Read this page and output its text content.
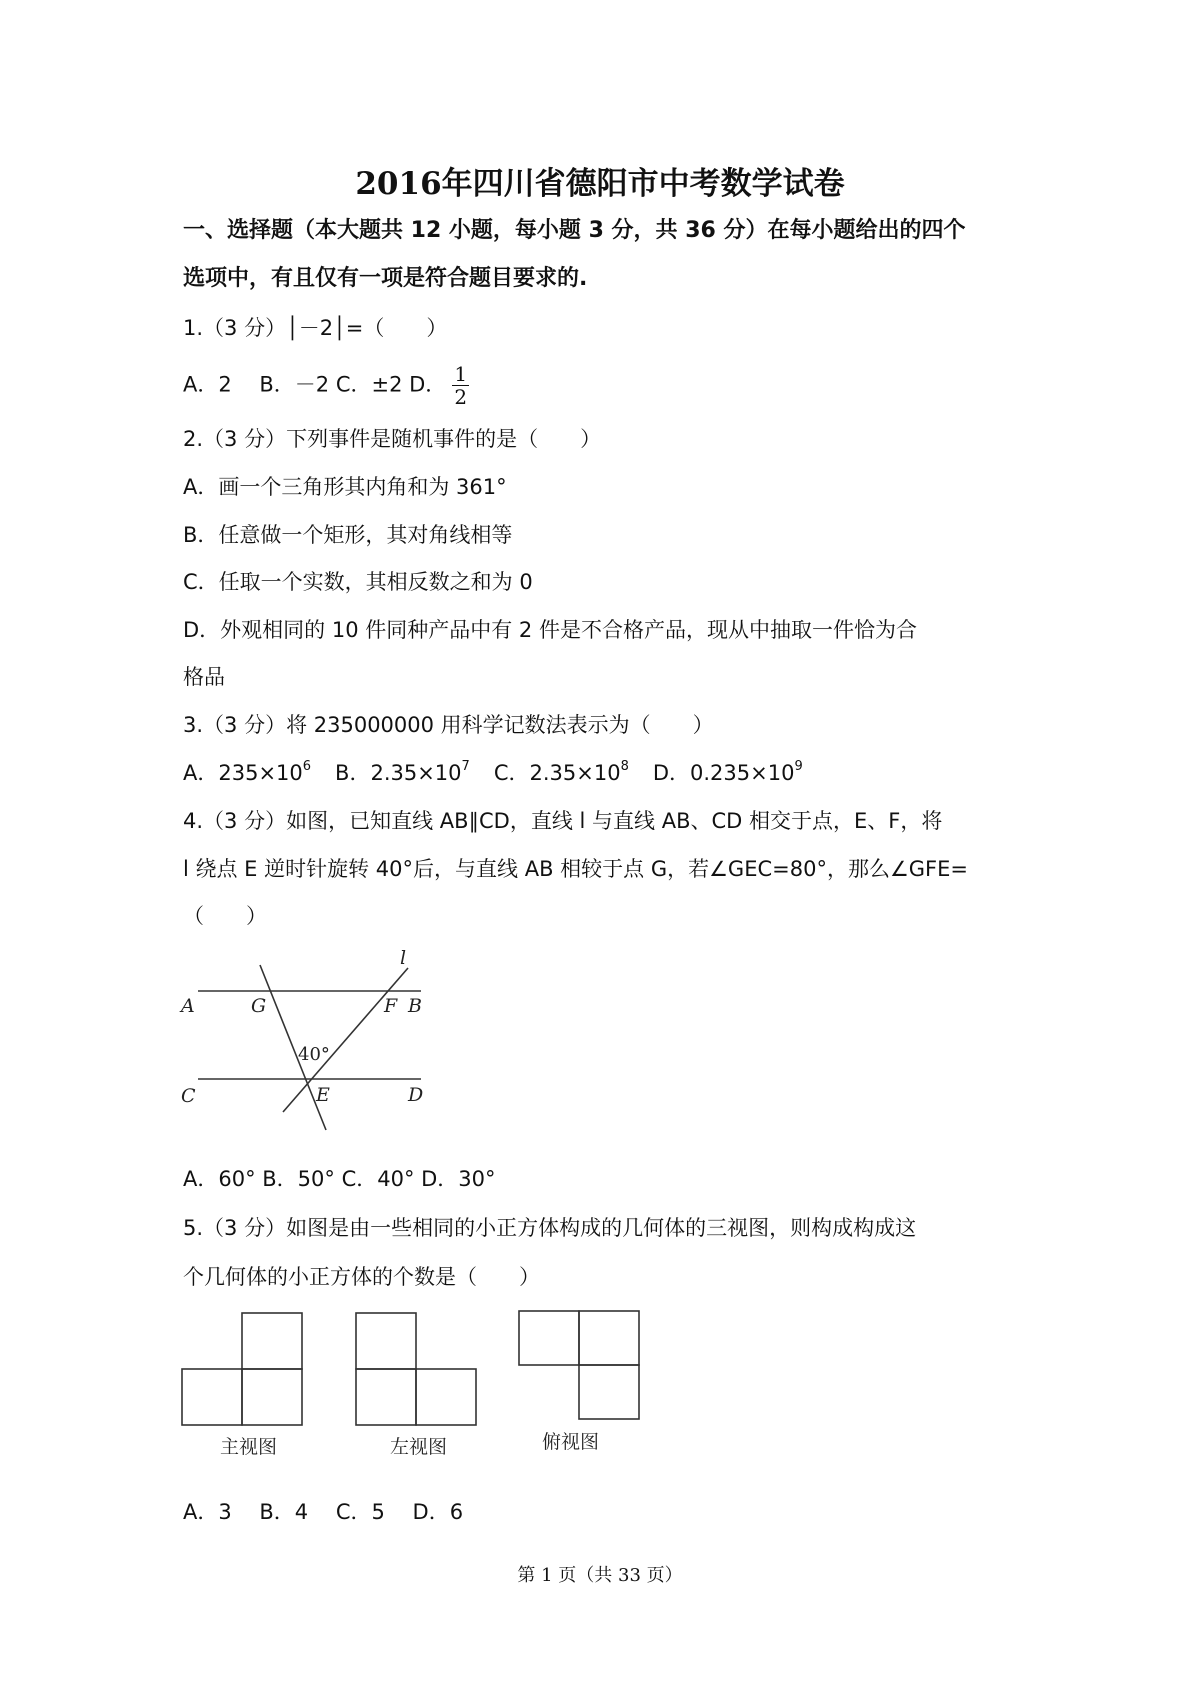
2016年四川省德阳市中考数学试卷
一、选择题（本大题共 12 小题，每小题 3 分，共 36 分）在每小题给出的四个
选项中，有且仅有一项是符合题目要求的.
1.（3 分）│－2│=（　　）
A．2　 B．－2 C．±2 D． $\frac{1}{2}$
2.（3 分）下列事件是随机事件的是（　　）
A．画一个三角形其内角和为 361°
B．任意做一个矩形，其对角线相等
C．任取一个实数，其相反数之和为 0
D．外观相同的 10 件同种产品中有 2 件是不合格产品，现从中抽取一件恰为合
格品
3.（3 分）将 235000000 用科学记数法表示为（　　）
A．$235\times 10^6$ B．$2.35\times 10^7$ C．$2.35\times 10^8$ D．$0.235\times 10^9$
4.（3 分）如图，已知直线 AB∥CD，直线 l 与直线 AB、CD 相交于点，E、F，将
l 绕点 E 逆时针旋转 40°后，与直线 AB 相较于点 G，若∠GEC=80°，那么∠GFE=
（　　）
A	G	F B
l
C	E	D
40°
A．60° B．50° C．40° D．30°
5.（3 分）如图是由一些相同的小正方体构成的几何体的三视图，则构成构成这
个几何体的小正方体的个数是（　　）
主视图	左视图	俯视图
A．3　 B．4　 C．5　 D．6
第 1 页（共 33 页）
